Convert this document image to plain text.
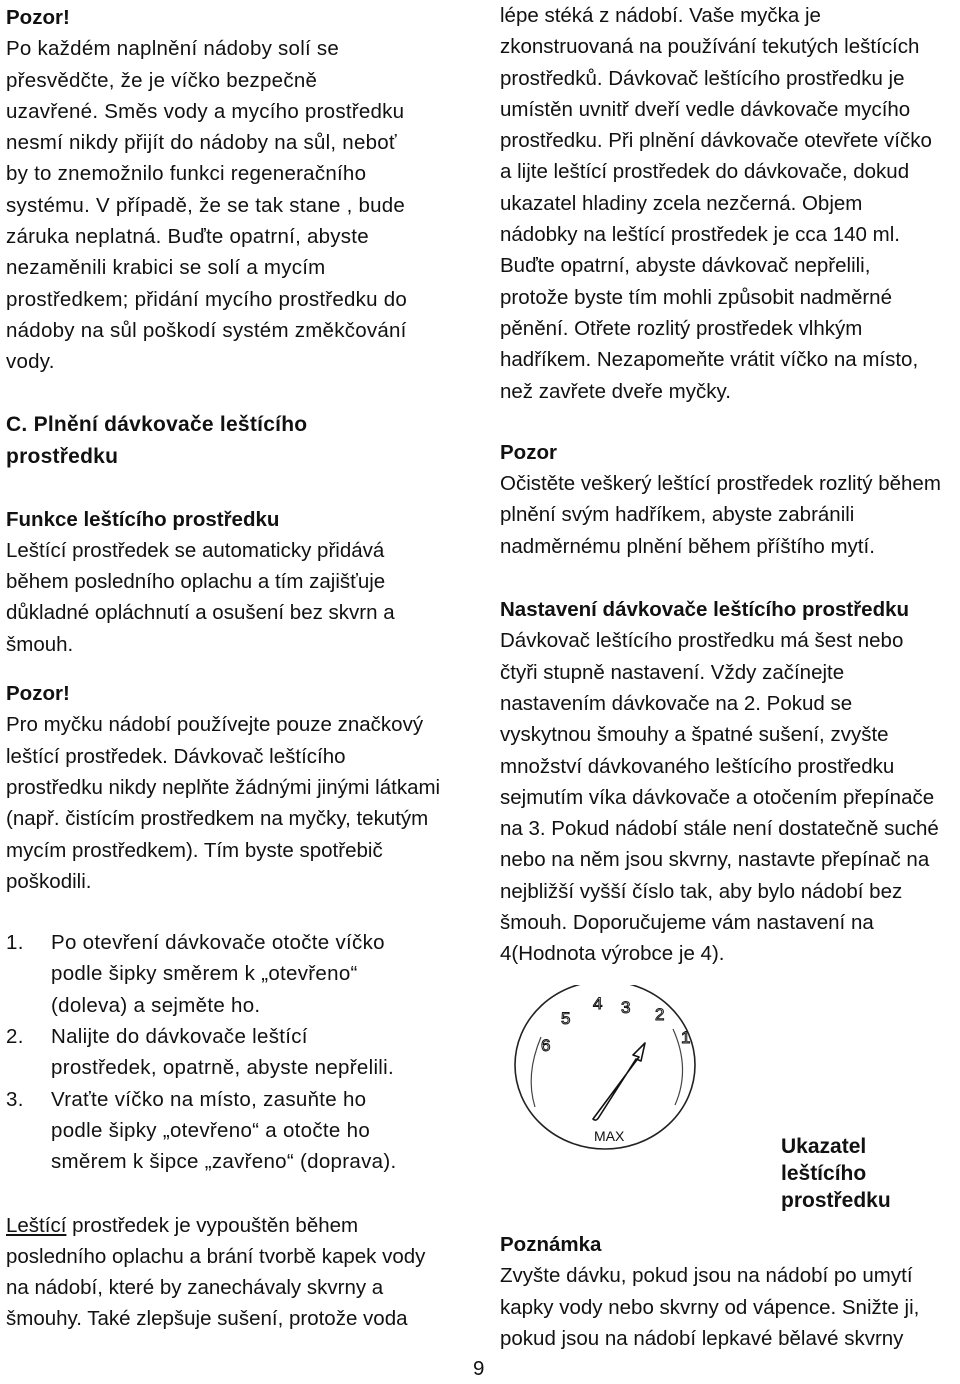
Pozor!

Po každém naplnění nádoby solí se
přesvědčte, že je víčko bezpečně
uzavřené. Směs vody a mycího prostředku
nesmí nikdy přijít do nádoby na sůl, neboť
by to znemožnilo funkci regeneračního
systému. V případě, že se tak stane , bude
záruka neplatná. Buďte opatrní, abyste
nezaměnili krabici se solí a mycím
prostředkem; přidání mycího prostředku do
nádoby na sůl poškodí systém změkčování
vody.
C. Plnění dávkovače leštícího
prostředku
Funkce leštícího prostředku
Leštící prostředek se automaticky přidává
během posledního oplachu a tím zajišťuje
důkladné opláchnutí a osušení bez skvrn a
šmouh.
Pozor!
Pro myčku nádobí používejte pouze značkový
leštící prostředek. Dávkovač leštícího
prostředku nikdy neplňte žádnými jinými látkami
(např. čistícím prostředkem na myčky, tekutým
mycím prostředkem). Tím byste spotřebič
poškodili.
1. Po otevření dávkovače otočte víčko
podle šipky směrem k „otevřeno“
(doleva) a sejměte ho.
2. Nalijte do dávkovače leštící
prostředek, opatrně, abyste nepřelili.
3. Vraťte víčko na místo, zasuňte ho
podle šipky „otevřeno“ a otočte ho
směrem k šipce „zavřeno“ (doprava).
Leštící prostředek je vypouštěn během
posledního oplachu a brání tvorbě kapek vody
na nádobí, které by zanechávaly skvrny a
šmouhy. Také zlepšuje sušení, protože voda
lépe stéká z nádobí. Vaše myčka je
zkonstruovaná na používání tekutých leštících
prostředků. Dávkovač leštícího prostředku je
umístěn uvnitř dveří vedle dávkovače mycího
prostředku. Při plnění dávkovače otevřete víčko
a lijte leštící prostředek do dávkovače, dokud
ukazatel hladiny zcela nezčerná. Objem
nádobky na leštící prostředek je cca 140 ml.
Buďte opatrní, abyste dávkovač nepřelili,
protože byste tím mohli způsobit nadměrné
pěnění. Otřete rozlitý prostředek vlhkým
hadříkem. Nezapomeňte vrátit víčko na místo,
než zavřete dveře myčky.
Pozor
Očistěte veškerý leštící prostředek rozlitý během
plnění svým hadříkem, abyste zabránili
nadměrnému plnění během příštího mytí.
Nastavení dávkovače leštícího prostředku
Dávkovač leštícího prostředku má šest nebo
čtyři stupně nastavení. Vždy začínejte
nastavením dávkovače na 2. Pokud se
vyskytnou šmouhy a špatné sušení, zvyšte
množství dávkovaného leštícího prostředku
sejmutím víka dávkovače a otočením přepínače
na 3. Pokud nádobí stále není dostatečně suché
nebo na něm jsou skvrny, nastavte přepínač na
nejbližší vyšší číslo tak, aby bylo nádobí bez
šmouh. Doporučujeme vám nastavení na
4(Hodnota výrobce je 4).
1
2
3
4
5
6
MAX	Ukazatel
leštícího
prostředku
Poznámka
Zvyšte dávku, pokud jsou na nádobí po umytí
kapky vody nebo skvrny od vápence. Snižte ji,
pokud jsou na nádobí lepkavé bělavé skvrny
9
